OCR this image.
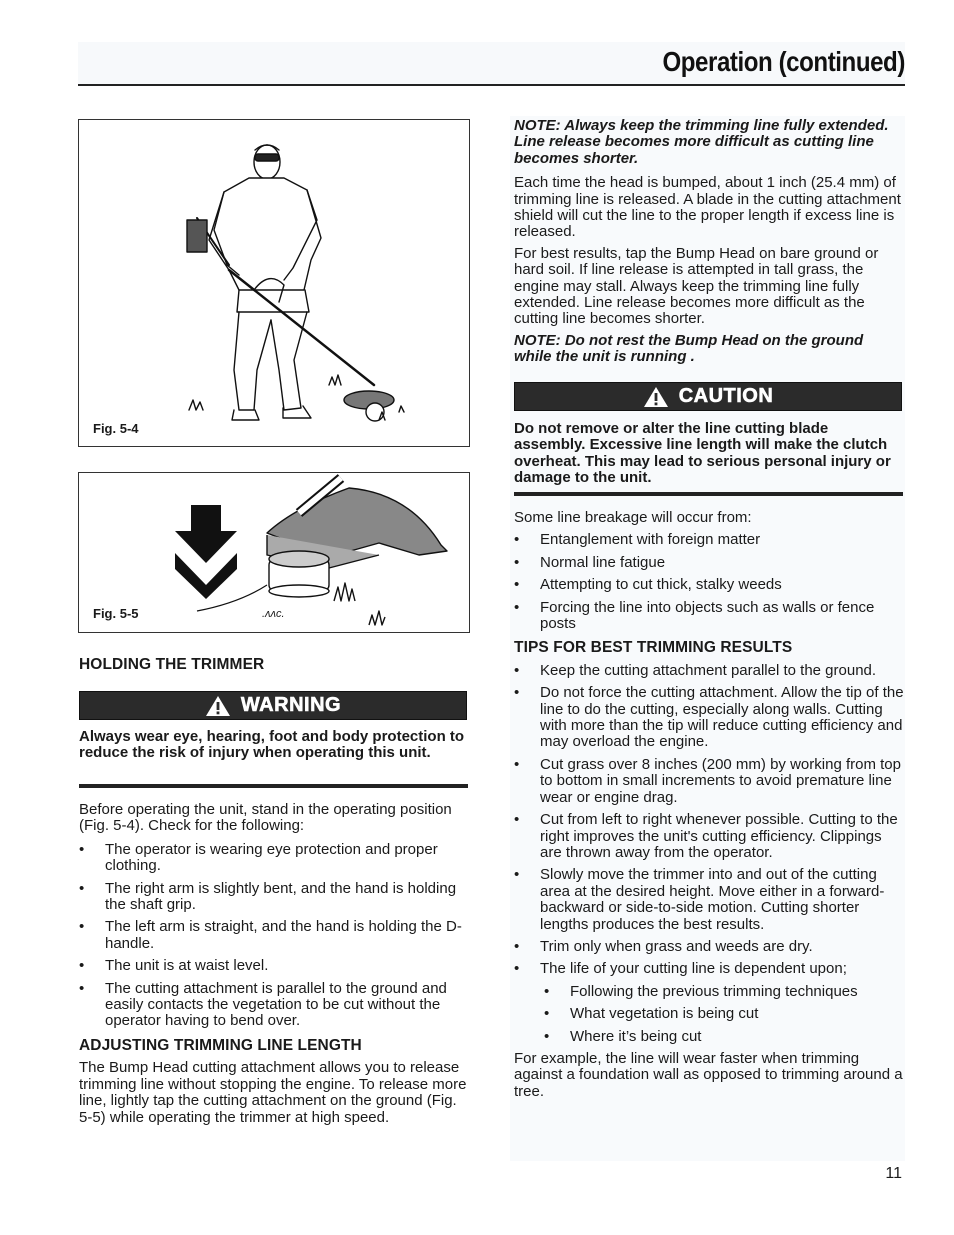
Operation (continued)
Fig. 5-4
.ʌʌc.
Fig. 5-5

HOLDING THE TRIMMER

WARNING

Always wear eye, hearing, foot and body protection to reduce the risk of injury when operating this unit.

Before operating the unit, stand in the operating position (Fig. 5-4). Check for the following:

• The operator is wearing eye protection and proper clothing.
• The right arm is slightly bent, and the hand is holding the shaft grip.
• The left arm is straight, and the hand is holding the D-handle.
• The unit is at waist level.
• The cutting attachment is parallel to the ground and easily contacts the vegetation to be cut without the operator having to bend over.

ADJUSTING TRIMMING LINE LENGTH

The Bump Head cutting attachment allows you to release trimming line without stopping the engine. To release more line, lightly tap the cutting attachment on the ground (Fig. 5-5) while operating the trimmer at high speed.

NOTE: Always keep the trimming line fully extended. Line release becomes more difficult as cutting line becomes shorter.

Each time the head is bumped, about 1 inch (25.4 mm) of trimming line is released. A blade in the cutting attachment shield will cut the line to the proper length if excess line is released.

For best results, tap the Bump Head on bare ground or hard soil. If line release is attempted in tall grass, the engine may stall. Always keep the trimming line fully extended. Line release becomes more difficult as the cutting line becomes shorter.

NOTE: Do not rest the Bump Head on the ground while the unit is running .

CAUTION

Do not remove or alter the line cutting blade assembly. Excessive line length will make the clutch overheat. This may lead to serious personal injury or damage to the unit.

Some line breakage will occur from:

• Entanglement with foreign matter
• Normal line fatigue
• Attempting to cut thick, stalky weeds
• Forcing the line into objects such as walls or fence posts

TIPS FOR BEST TRIMMING RESULTS

• Keep the cutting attachment parallel to the ground.
• Do not force the cutting attachment. Allow the tip of the line to do the cutting, especially along walls. Cutting with more than the tip will reduce cutting efficiency and may overload the engine.
• Cut grass over 8 inches (200 mm) by working from top to bottom in small increments to avoid premature line wear or engine drag.
• Cut from left to right whenever possible. Cutting to the right improves the unit's cutting efficiency. Clippings are thrown away from the operator.
• Slowly move the trimmer into and out of the cutting area at the desired height. Move either in a forward-backward or side-to-side motion. Cutting shorter lengths produces the best results.
• Trim only when grass and weeds are dry.
• The life of your cutting line is dependent upon;
• Following the previous trimming techniques
• What vegetation is being cut
• Where it’s being cut

For example, the line will wear faster when trimming against a foundation wall as opposed to trimming around a tree.

11
